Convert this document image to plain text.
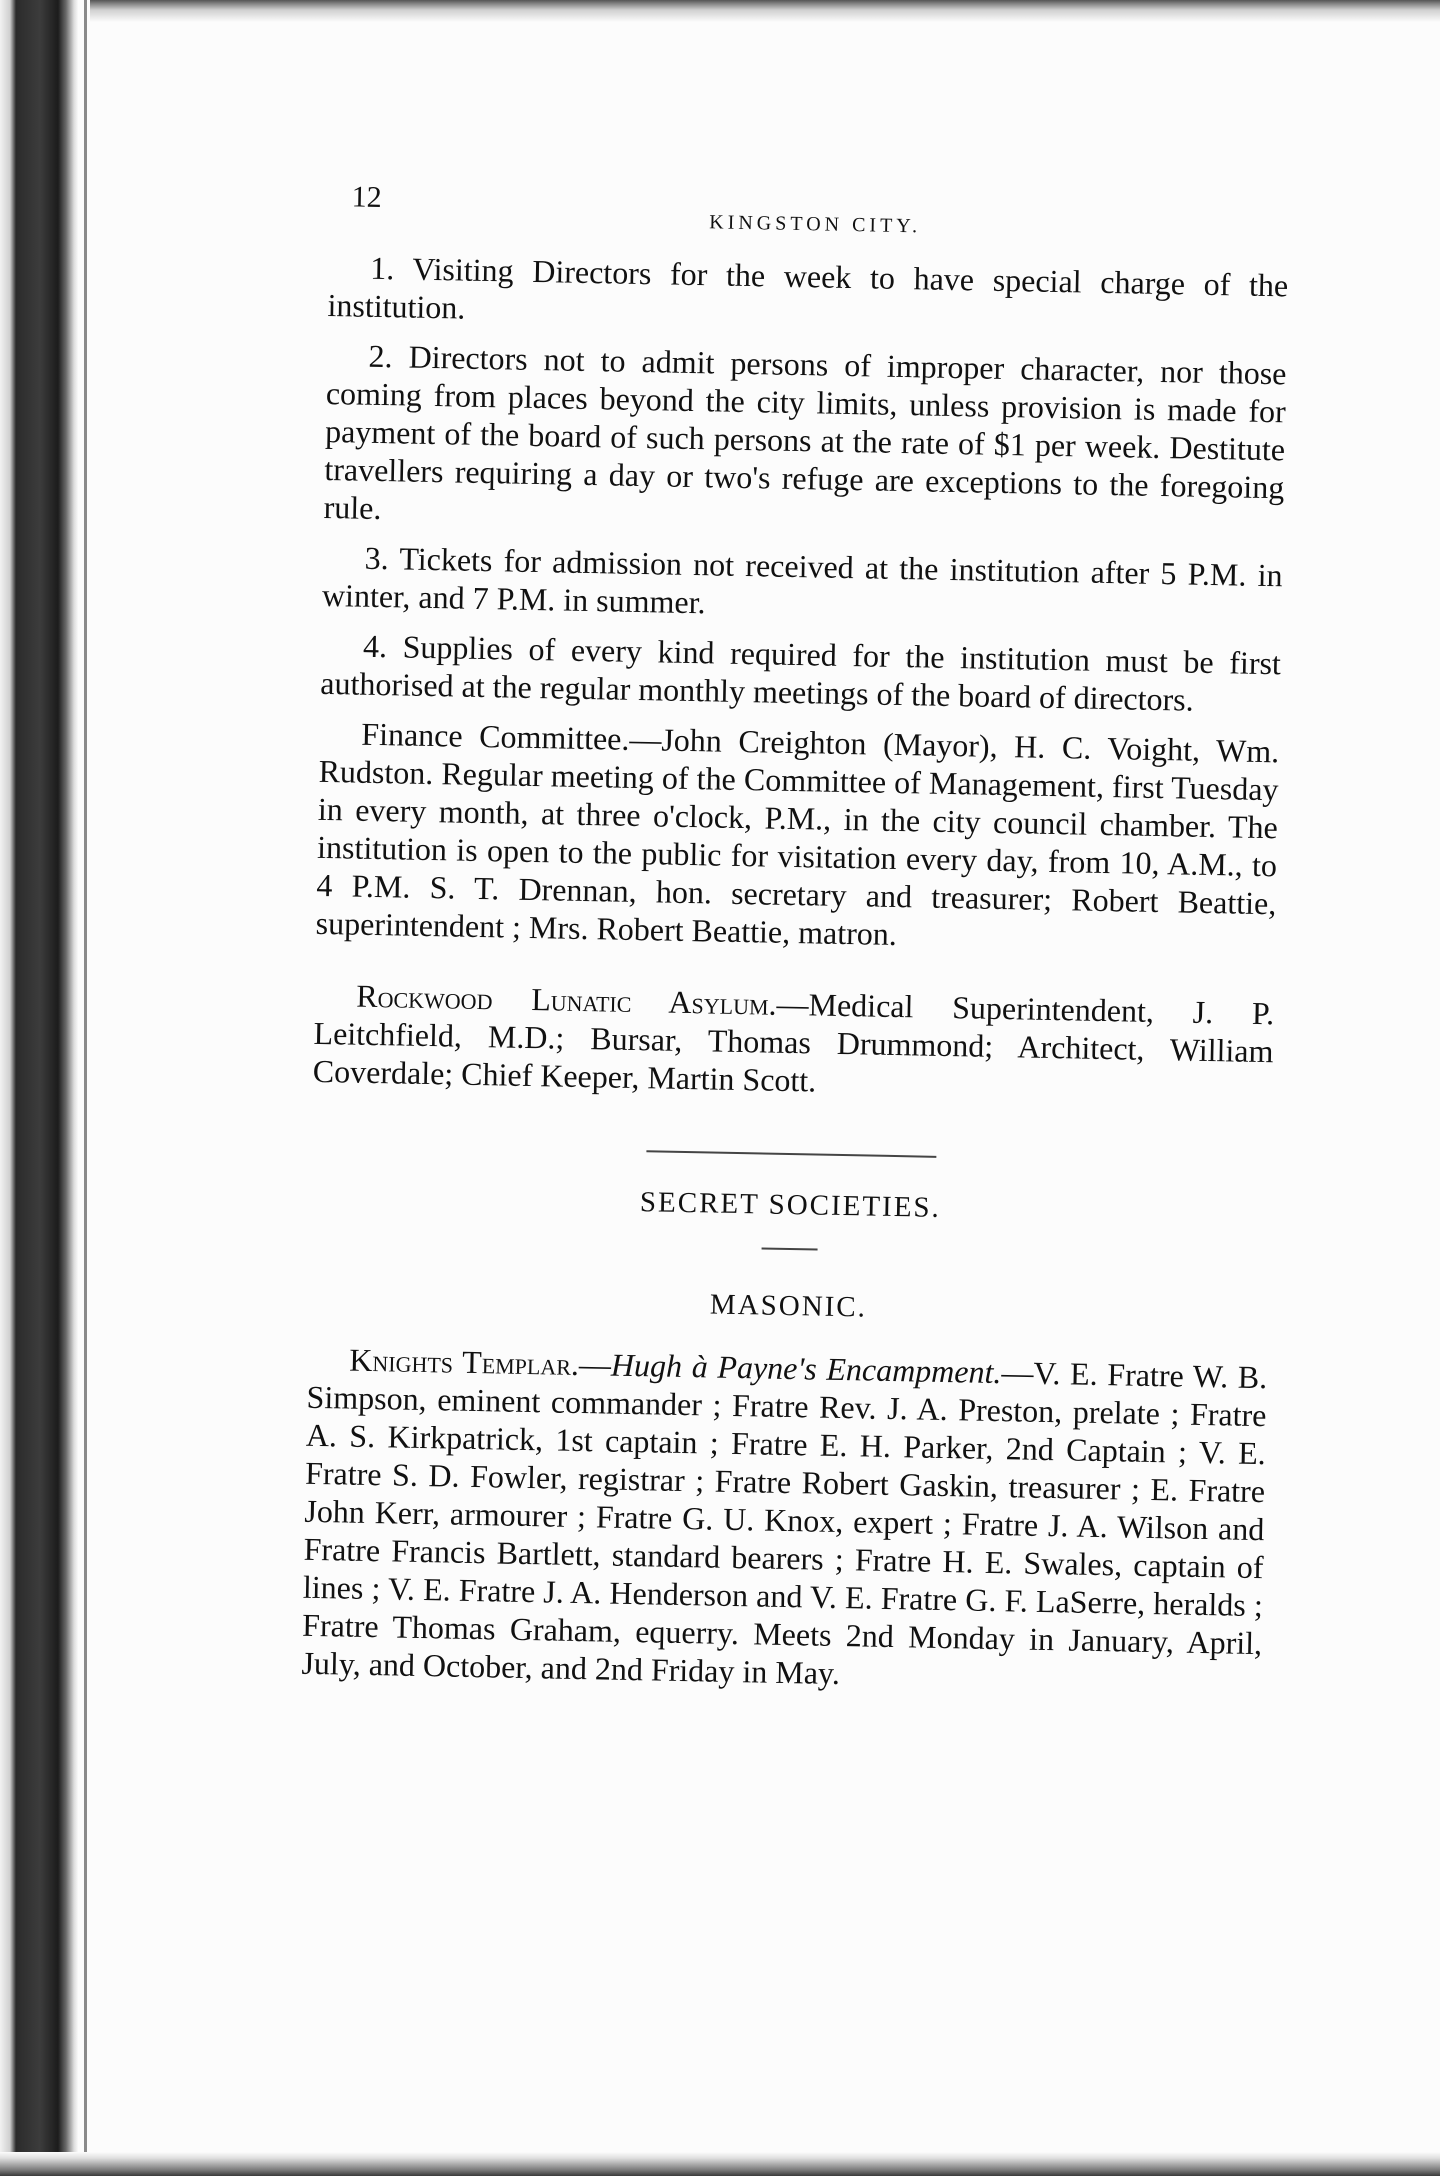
12
KINGSTON CITY.

1. Visiting Directors for the week to have special charge of the institution.

2. Directors not to admit persons of improper character, nor those coming from places beyond the city limits, unless provision is made for payment of the board of such persons at the rate of $1 per week. Destitute travellers requiring a day or two's refuge are exceptions to the foregoing rule.

3. Tickets for admission not received at the institution after 5 P.M. in winter, and 7 P.M. in summer.

4. Supplies of every kind required for the institution must be first authorised at the regular monthly meetings of the board of directors.

Finance Committee.—John Creighton (Mayor), H. C. Voight, Wm. Rudston. Regular meeting of the Committee of Management, first Tuesday in every month, at three o'clock, P.M., in the city council chamber. The institution is open to the public for visitation every day, from 10, A.M., to 4 P.M. S. T. Drennan, hon. secretary and treasurer; Robert Beattie, superintendent ; Mrs. Robert Beattie, matron.

Rockwood Lunatic Asylum.—Medical Superintendent, J. P. Leitchfield, M.D.; Bursar, Thomas Drummond; Architect, William Coverdale; Chief Keeper, Martin Scott.

SECRET SOCIETIES.
MASONIC.

Knights Templar.—Hugh à Payne's Encampment.—V. E. Fratre W. B. Simpson, eminent commander ; Fratre Rev. J. A. Preston, prelate ; Fratre A. S. Kirkpatrick, 1st captain ; Fratre E. H. Parker, 2nd Captain ; V. E. Fratre S. D. Fowler, registrar ; Fratre Robert Gaskin, treasurer ; E. Fratre John Kerr, armourer ; Fratre G. U. Knox, expert ; Fratre J. A. Wilson and Fratre Francis Bartlett, standard bearers ; Fratre H. E. Swales, captain of lines ; V. E. Fratre J. A. Henderson and V. E. Fratre G. F. LaSerre, heralds ; Fratre Thomas Graham, equerry. Meets 2nd Monday in January, April, July, and October, and 2nd Friday in May.
